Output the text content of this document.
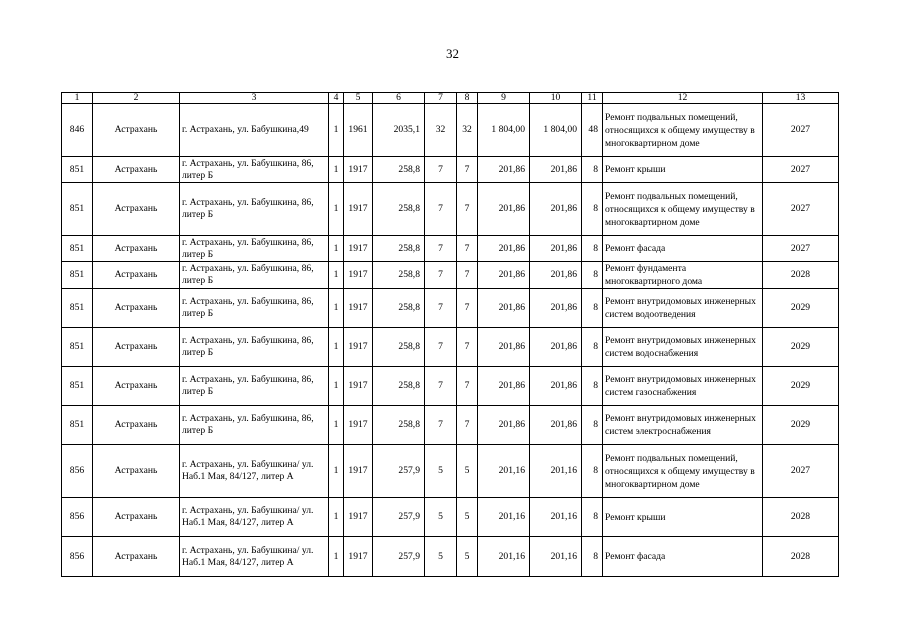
32
1	2	3	4	5	6	7	8	9	10	11	12	13
846	Астрахань	г. Астрахань, ул. Бабушкина,49	1	1961	2035,1	32	32	1 804,00	1 804,00	48	Ремонт подвальных помещений, относящихся к общему имуществу в многоквартирном доме	2027
851	Астрахань	г. Астрахань, ул. Бабушкина, 86, литер Б	1	1917	258,8	7	7	201,86	201,86	8	Ремонт крыши	2027
851	Астрахань	г. Астрахань, ул. Бабушкина, 86, литер Б	1	1917	258,8	7	7	201,86	201,86	8	Ремонт подвальных помещений, относящихся к общему имуществу в многоквартирном доме	2027
851	Астрахань	г. Астрахань, ул. Бабушкина, 86, литер Б	1	1917	258,8	7	7	201,86	201,86	8	Ремонт фасада	2027
851	Астрахань	г. Астрахань, ул. Бабушкина, 86, литер Б	1	1917	258,8	7	7	201,86	201,86	8	Ремонт фундамента многоквартирного дома	2028
851	Астрахань	г. Астрахань, ул. Бабушкина, 86, литер Б	1	1917	258,8	7	7	201,86	201,86	8	Ремонт внутридомовых инженерных систем водоотведения	2029
851	Астрахань	г. Астрахань, ул. Бабушкина, 86, литер Б	1	1917	258,8	7	7	201,86	201,86	8	Ремонт внутридомовых инженерных систем водоснабжения	2029
851	Астрахань	г. Астрахань, ул. Бабушкина, 86, литер Б	1	1917	258,8	7	7	201,86	201,86	8	Ремонт внутридомовых инженерных систем газоснабжения	2029
851	Астрахань	г. Астрахань, ул. Бабушкина, 86, литер Б	1	1917	258,8	7	7	201,86	201,86	8	Ремонт внутридомовых инженерных систем электроснабжения	2029
856	Астрахань	г. Астрахань, ул. Бабушкина/ ул. Наб.1 Мая, 84/127, литер А	1	1917	257,9	5	5	201,16	201,16	8	Ремонт подвальных помещений, относящихся к общему имуществу в многоквартирном доме	2027
856	Астрахань	г. Астрахань, ул. Бабушкина/ ул. Наб.1 Мая, 84/127, литер А	1	1917	257,9	5	5	201,16	201,16	8	Ремонт крыши	2028
856	Астрахань	г. Астрахань, ул. Бабушкина/ ул. Наб.1 Мая, 84/127, литер А	1	1917	257,9	5	5	201,16	201,16	8	Ремонт фасада	2028
